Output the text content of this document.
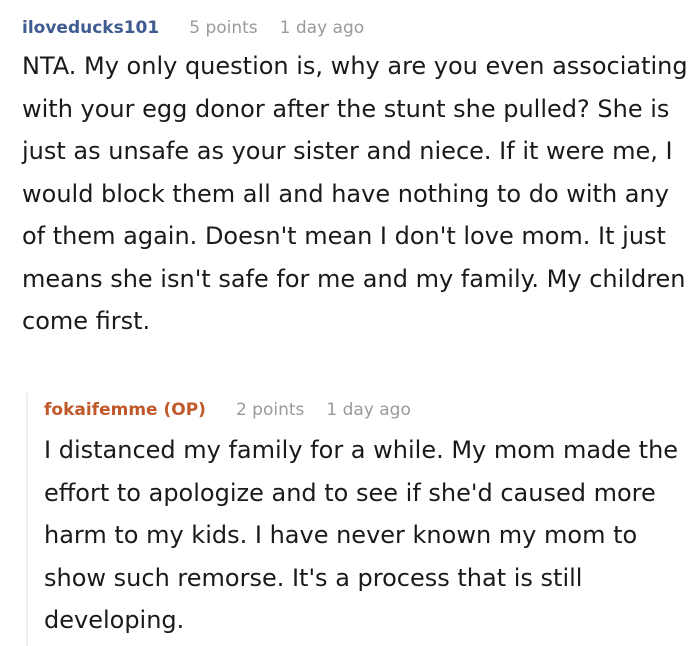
iloveducks101 5 points 1 day ago
NTA. My only question is, why are you even associating with your egg donor after the stunt she pulled? She is just as unsafe as your sister and niece. If it were me, I would block them all and have nothing to do with any of them again. Doesn't mean I don't love mom. It just means she isn't safe for me and my family. My children come first.
fokaifemme (OP) 2 points 1 day ago
I distanced my family for a while. My mom made the effort to apologize and to see if she'd caused more harm to my kids. I have never known my mom to show such remorse. It's a process that is still developing.
